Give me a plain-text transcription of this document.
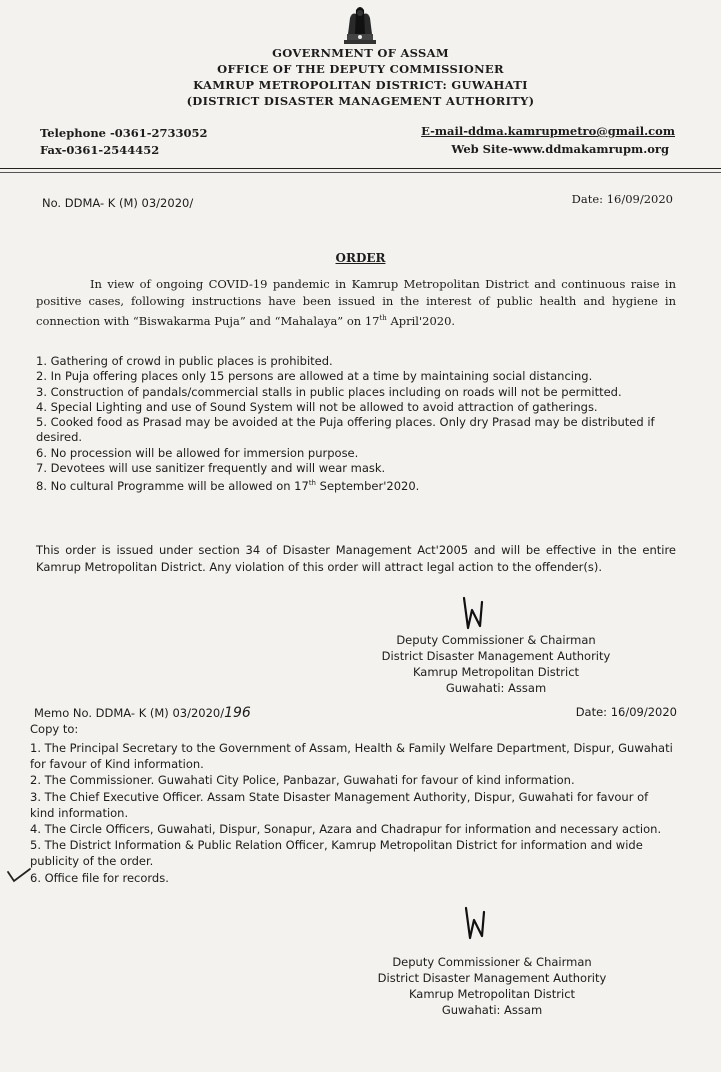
GOVERNMENT OF ASSAM
OFFICE OF THE DEPUTY COMMISSIONER
KAMRUP METROPOLITAN DISTRICT: GUWAHATI
(DISTRICT DISASTER MANAGEMENT AUTHORITY)
Telephone -0361-2733052
Fax-0361-2544452
E-mail-ddma.kamrupmetro@gmail.com
Web Site-www.ddmakamrupm.org
No. DDMA- K (M) 03/2020/	Date: 16/09/2020
ORDER
In view of ongoing COVID-19 pandemic in Kamrup Metropolitan District and continuous raise in positive cases, following instructions have been issued in the interest of public health and hygiene in connection with “Biswakarma Puja” and “Mahalaya” on 17th April'2020.
1. Gathering of crowd in public places is prohibited.
2. In Puja offering places only 15 persons are allowed at a time by maintaining social distancing.
3. Construction of pandals/commercial stalls in public places including on roads will not be permitted.
4. Special Lighting and use of Sound System will not be allowed to avoid attraction of gatherings.
5. Cooked food as Prasad may be avoided at the Puja offering places. Only dry Prasad may be distributed if desired.
6. No procession will be allowed for immersion purpose.
7. Devotees will use sanitizer frequently and will wear mask.
8. No cultural Programme will be allowed on 17th September'2020.
This order is issued under section 34 of Disaster Management Act'2005 and will be effective in the entire Kamrup Metropolitan District. Any violation of this order will attract legal action to the offender(s).
Deputy Commissioner & Chairman
District Disaster Management Authority
Kamrup Metropolitan District
Guwahati: Assam
Memo No. DDMA- K (M) 03/2020/196	Date: 16/09/2020
Copy to:
1. The Principal Secretary to the Government of Assam, Health & Family Welfare Department, Dispur, Guwahati for favour of Kind information.
2. The Commissioner. Guwahati City Police, Panbazar, Guwahati for favour of kind information.
3. The Chief Executive Officer. Assam State Disaster Management Authority, Dispur, Guwahati for favour of kind information.
4. The Circle Officers, Guwahati, Dispur, Sonapur, Azara and Chadrapur for information and necessary action.
5. The District Information & Public Relation Officer, Kamrup Metropolitan District for information and wide publicity of the order.
6. Office file for records.
Deputy Commissioner & Chairman
District Disaster Management Authority
Kamrup Metropolitan District
Guwahati: Assam
